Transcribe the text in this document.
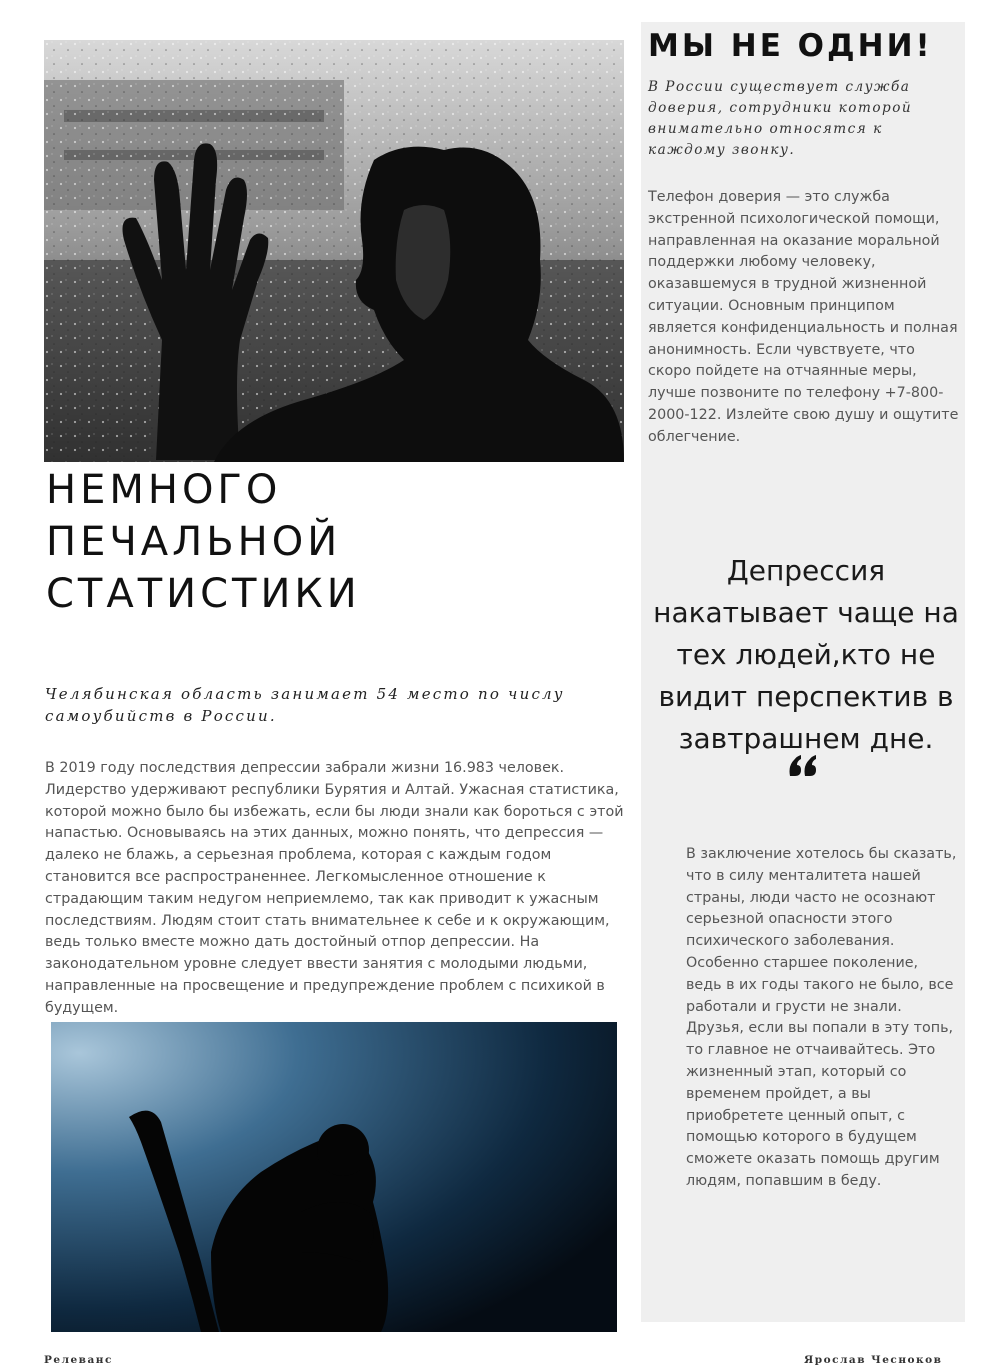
НЕМНОГО
ПЕЧАЛЬНОЙ
СТАТИСТИКИ

Челябинская область занимает 54 место по числу самоубийств в России.

В 2019 году последствия депрессии забрали жизни 16.983 человек. Лидерство удерживают республики Бурятия и Алтай. Ужасная статистика, которой можно было бы избежать, если бы люди знали как бороться с этой напастью. Основываясь на этих данных, можно понять, что депрессия — далеко не блажь, а серьезная проблема, которая с каждым годом становится все распространеннее. Легкомысленное отношение к страдающим таким недугом неприемлемо, так как приводит к ужасным последствиям. Людям стоит стать внимательнее к себе и к окружающим, ведь только вместе можно дать достойный отпор депрессии. На законодательном уровне следует ввести занятия с молодыми людьми, направленные на просвещение и предупреждение проблем с психикой в будущем.

МЫ НЕ ОДНИ!

В России существует служба доверия, сотрудники которой внимательно относятся к каждому звонку.

Телефон доверия — это служба экстренной психологической помощи, направленная на оказание моральной поддержки любому человеку, оказавшемуся в трудной жизненной ситуации. Основным принципом является конфиденциальность и полная анонимность. Если чувствуете, что скоро пойдете на отчаянные меры, лучше позвоните по телефону +7-800-2000-122. Излейте свою душу и ощутите облегчение.

Депрессия накатывает чаще на тех людей,кто не видит перспектив в завтрашнем дне.

В заключение хотелось бы сказать, что в силу менталитета нашей страны, люди часто не осознают серьезной опасности этого психического заболевания. Особенно старшее поколение, ведь в их годы такого не было, все работали и грусти не знали. Друзья, если вы попали в эту топь, то главное не отчаивайтесь. Это жизненный этап, который со временем пройдет, а вы приобретете ценный опыт, с помощью которого в будущем сможете оказать помощь другим людям, попавшим в беду.

Релеванс	Ярослав Чесноков
